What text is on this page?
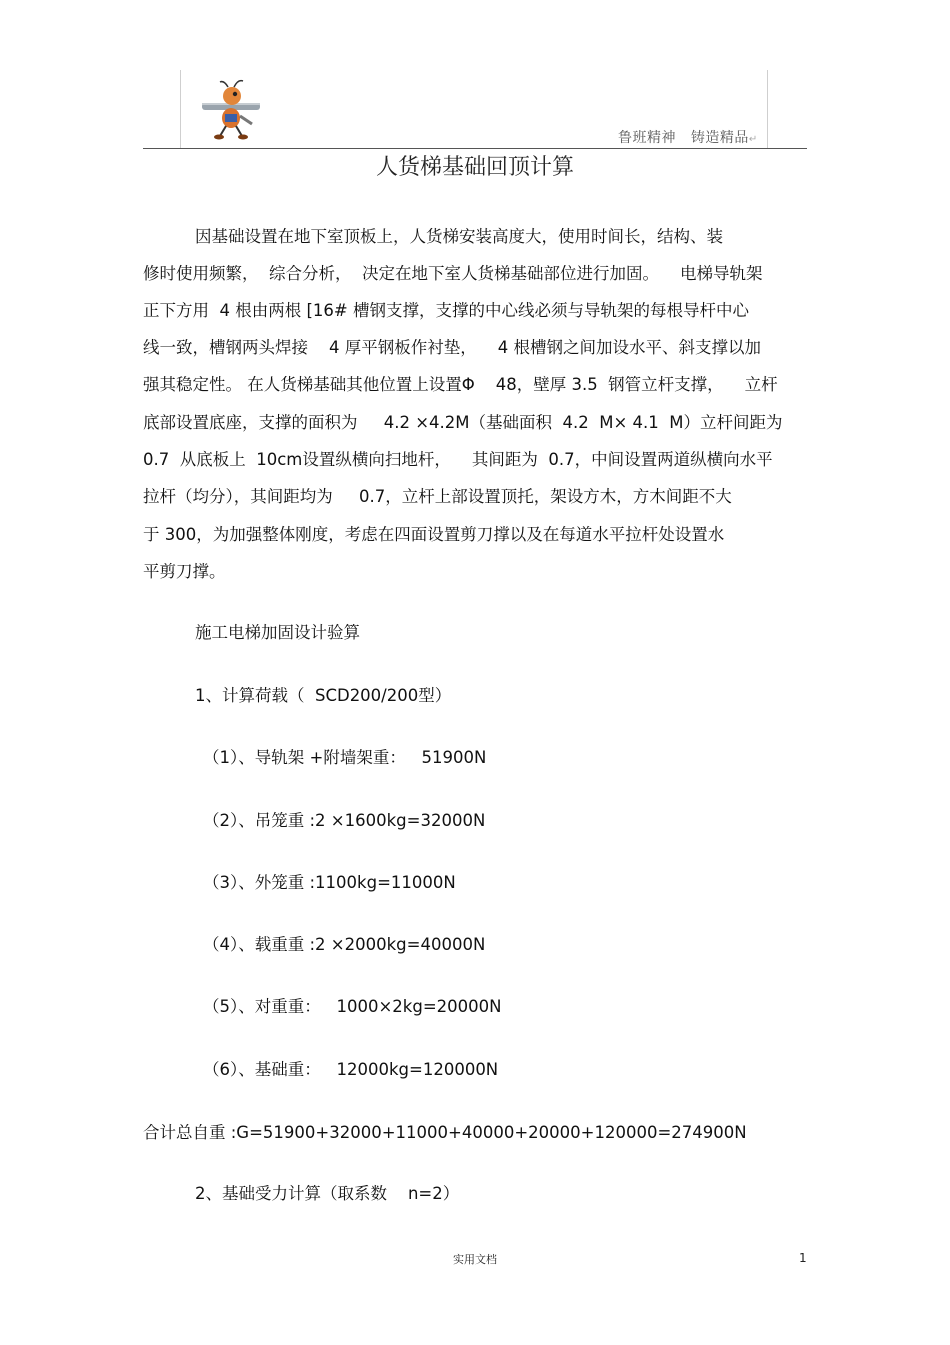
鲁班精神   铸造精品↵
人货梯基础回顶计算
因基础设置在地下室顶板上，人货梯安装高度大，使用时间长，结构、装
修时使用频繁，  综合分析，  决定在地下室人货梯基础部位进行加固。    电梯导轨架
正下方用  4 根由两根 [16# 槽钢支撑，支撑的中心线必须与导轨架的每根导杆中心
线一致，槽钢两头焊接    4 厚平钢板作衬垫，    4 根槽钢之间加设水平、斜支撑以加
强其稳定性。 在人货梯基础其他位置上设置Φ    48，壁厚 3.5  钢管立杆支撑，    立杆
底部设置底座，支撑的面积为     4.2 ×4.2M（基础面积  4.2  M× 4.1  M）立杆间距为
0.7  从底板上  10cm设置纵横向扫地杆，    其间距为  0.7，中间设置两道纵横向水平
拉杆（均分），其间距均为     0.7，立杆上部设置顶托，架设方木，方木间距不大
于 300，为加强整体刚度，考虑在四面设置剪刀撑以及在每道水平拉杆处设置水
平剪刀撑。
施工电梯加固设计验算
1、计算荷载（  SCD200/200型）
（1）、导轨架 +附墙架重：   51900N
（2）、吊笼重 :2 ×1600kg=32000N
（3）、外笼重 :1100kg=11000N
（4）、载重重 :2 ×2000kg=40000N
（5）、对重重：   1000×2kg=20000N
（6）、基础重：   12000kg=120000N
合计总自重 :G=51900+32000+11000+40000+20000+120000=274900N
2、基础受力计算（取系数    n=2）
实用文档	1
